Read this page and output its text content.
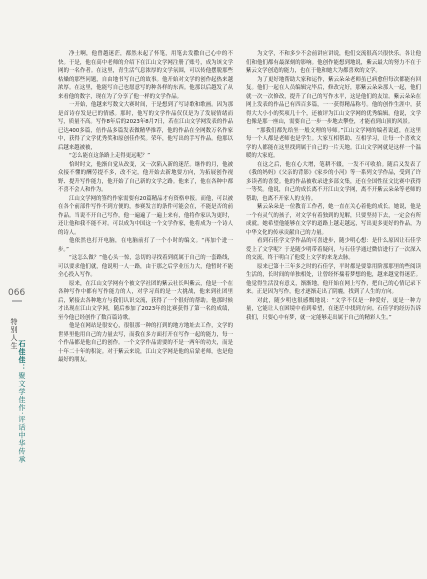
净土啊，他曾越迷茫，都然未起了怀笔，用笔去发撒自己心中的不快。于是，他在高中老师的介绍下在江山文学网注册了账号，成为该文学网的一名作者。在这里，青生活气息浓厚的文学氛围，可以传他摆脱那些枯燥的那些问题，自由地书写自己的故事。他开始对文学的创作起热来越浓厚。在这里，他能写自己也愿意写的种各样的东西。他那以后越发了从来看他的数字，现在为了分享了他一样的文学作品。

一开始，他越来写数文大赛时间，于是想到了写诗歌和歌画。因为那是首诗存发是已的情感。那时，他写的文学作品仅仅是为了发展情绪而写，质量不高。写作8年后的2023年8月7日，若在江山文学网发表的作品已达400多篇，倍作品多篇发表做精华推荐，他的作品在全网数万名作家中，获得了文学优秀奖和原创佳作奖。荣年，他写出的手写作品。他那以后越来越被被，

“怎么能在这条路上走得更远呢？”

恰时时文，他渐自觉从改变，又一次陷入新的迷茫。继作的月，他被众接不懂的酬劳提不多，改不完，他开始去新地要方向，为拓展创作视野、提升写作能力，他开始了自己新的文学之路。他来了，他在各种中都不喜不会人和作为。

江山文学网的签约作家需要有20篇精品才有资格申报。而他，可以被在各个前部件写作不到方便的，参赛发言的条件可能会在，不能是否的前作品。当说不开自己写作，他一遍遍了一遍上来有，他将作家认为更时，还让他和我不能不对。可以成为中国这一个文学作家，他将成为一个诗人的诗人。

他依然也打开电脑，在电脑前打了一个小时的编文。“再加个进一步。”

“这怎么做？”他心头一惊，急切的寻找着到底属于自己的一套路线，可以要求他们就，他说明一人一路，由于那之后学业压力大，他暂时不能全心投入写作。

原来，在江山文学网有个被文学社团的紫云社长叫紫云，他是一个在各种写作中都有写作能力的人，对学习真的是一大挑战，他来到社团里后，紧接去各种地方与我们认识交流，获得了一个很好的帮助。他那时候才出现在江山文学网，随后参加了2023年的比赛获得了第一名的成绩，至今他已经创作了数百篇诗歌。

他是在网站是很安心，很很那一种的打到的地方地址去工作，文学的世界里他用自己的力量去写，而我在多方面打开在写作一起的能力，每一个作品都是他自己的创作。一个文学作品需要的不是一两年的功夫，而是十年二十年的积淀。对于紫云来说，江山文学网是他的启蒙老师，也是他最好的朋友。

为文学，不和多少不会前讲应讲说，他们交流很高兴很快乐。各让他们和他们都有最深刻的影响。他创作能想到地说，紫云最大的努力不在于紫云文学创造的能力，也在于他和她大为都喜欢的文学。

为了更好地帮助大家和运作，紫云朵朵老师虽已病愈但每次都能有回复。他们一起在人员编辑完毕后，修改完好，那紫云朵朵那人一起，他们就一次一次修改，提升了自己的写作水平，这是他们的友谊。紫云朵朵在网上发表的作品已有四百多篇，一一获得精品称号。他的创作生涯中，获得大大小小的奖项几十个，还被评为江山文学网的优秀编辑。他说，文学也像是那一座山，需要自己一步一步地去攀登，才能看到山顶的风景。

“那我们都先给坐一般文理的导师。”江山文学网的编者说道，在这里每一个人都是老师也是学生。大家互相帮助、互相学习，让每一个喜欢文学的人都能在这里找到属于自己的一片天地。江山文学网就是这样一个温暖的大家庭。

在这之后，他在心大增，笔耕不辍，一发不可收拾。随后又发表了《我的妈妈》《父亲的背影》《家乡的小河》等一系列文学作品，受到了许多读者的喜爱。他的作品被收录进多部文集，还在全国性征文比赛中获得一等奖。他说，自己的成长离不开江山文学网，离不开紫云朵朵等老师的帮助，也离不开家人的支持。

紫云朵朵是一位教育工作者，她一直在关心着他的成长。她说，他是一个有灵气的孩子，对文学有着独到的见解，只要坚持下去，一定会有所成就。她希望他能够在文学的道路上越走越远，写出更多更好的作品，为中华文化的传承贡献自己的力量。

看到石佳学文学作品的可喜进步，随少明心想：是什么原因让石佳学爱上了文学呢？于是随少明带着疑问，与石佳学通过微信进行了一次深入的交流，终于明白了他爱上文学的来龙去脉。

原来已第十三年多之时的石佳学，平时都是要靠用阶那那里的些阅读生活的，长时间的单独相处，让曾经怀揣着梦想的他，越来越觉得迷茫。他觉得生活没有意义，渐渐地，他开始在网上写作，把自己的心情记录下来。正是因为写作，他才逐渐走出了阴霾，找到了人生的方向。

对此，随少明也很感慨地说：“文学不仅是一种爱好，更是一种力量，它能让人在困境中看到希望，在迷茫中找到方向。石佳学的经历告诉我们，只要心中有梦，就一定能够走出属于自己的精彩人生。”

066
特别人生
石佳佳：聚文学佳作·评话中华传承
